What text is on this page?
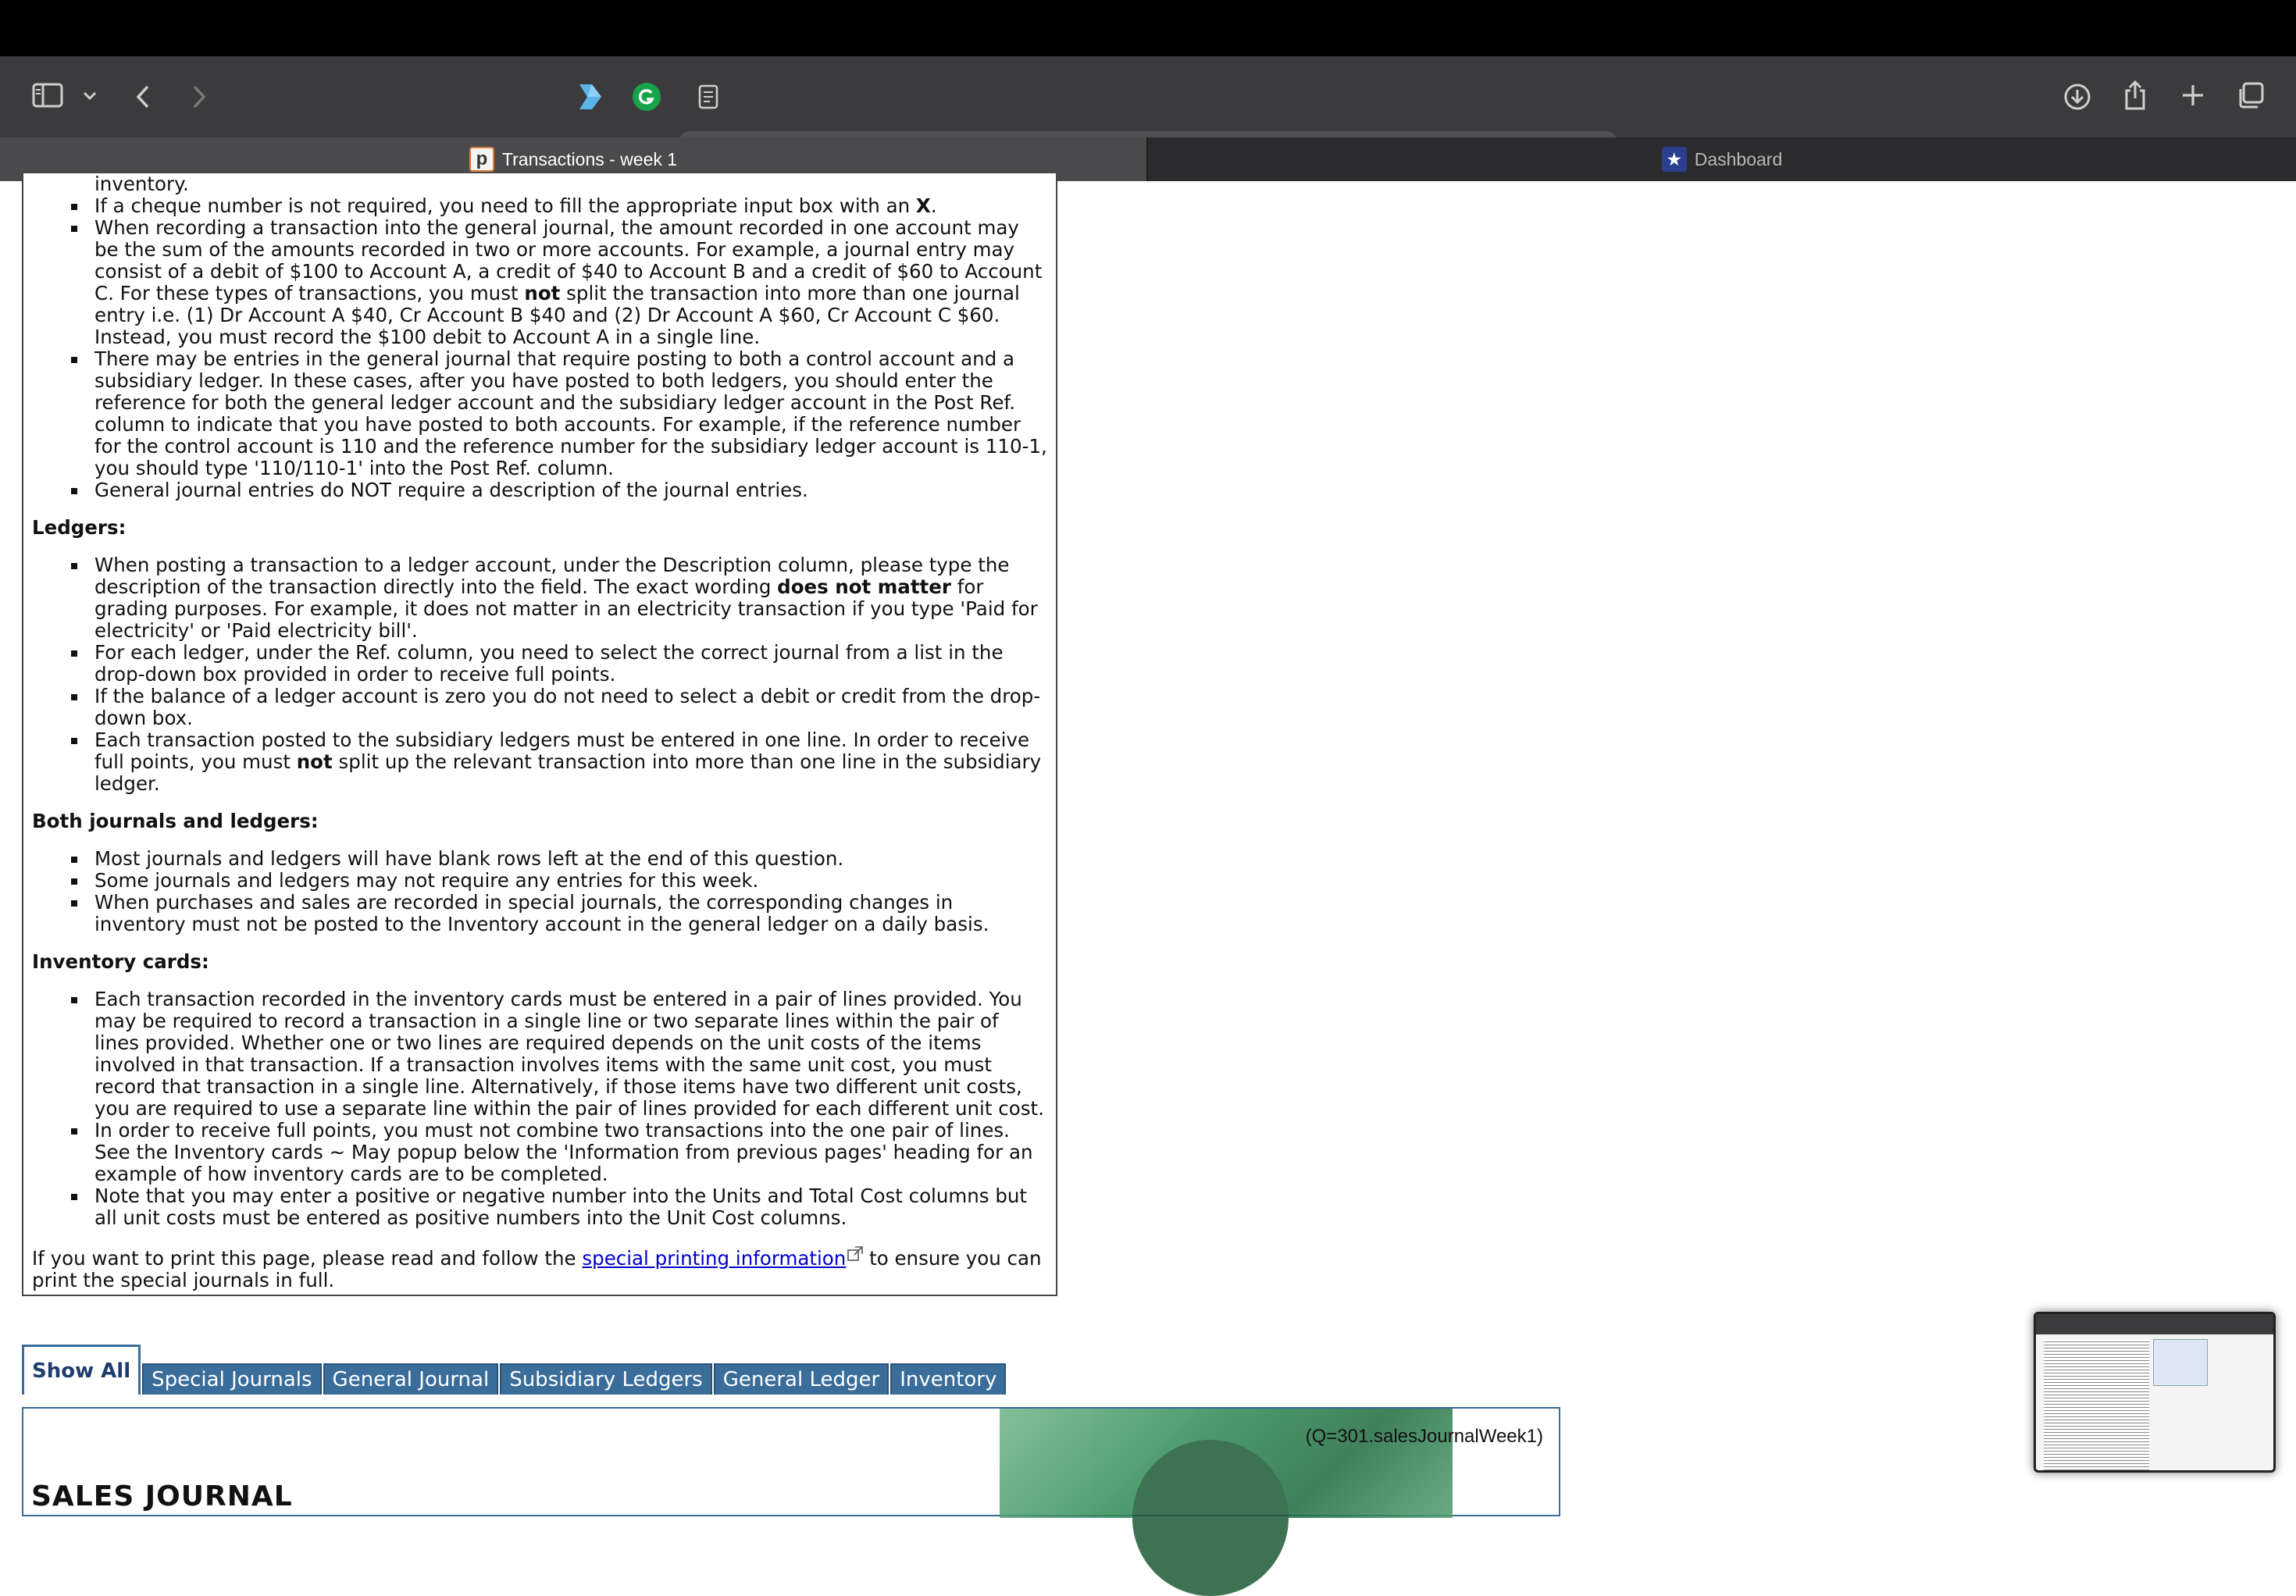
p Transactions - week 1	★ Dashboard
inventory.
If a cheque number is not required, you need to fill the appropriate input box with an X.
When recording a transaction into the general journal, the amount recorded in one account may be the sum of the amounts recorded in two or more accounts. For example, a journal entry may consist of a debit of $100 to Account A, a credit of $40 to Account B and a credit of $60 to Account C. For these types of transactions, you must not split the transaction into more than one journal entry i.e. (1) Dr Account A $40, Cr Account B $40 and (2) Dr Account A $60, Cr Account C $60. Instead, you must record the $100 debit to Account A in a single line.
There may be entries in the general journal that require posting to both a control account and a subsidiary ledger. In these cases, after you have posted to both ledgers, you should enter the reference for both the general ledger account and the subsidiary ledger account in the Post Ref. column to indicate that you have posted to both accounts. For example, if the reference number for the control account is 110 and the reference number for the subsidiary ledger account is 110-1, you should type '110/110-1' into the Post Ref. column.
General journal entries do NOT require a description of the journal entries.
Ledgers:
When posting a transaction to a ledger account, under the Description column, please type the description of the transaction directly into the field. The exact wording does not matter for grading purposes. For example, it does not matter in an electricity transaction if you type 'Paid for electricity' or 'Paid electricity bill'.
For each ledger, under the Ref. column, you need to select the correct journal from a list in the drop-down box provided in order to receive full points.
If the balance of a ledger account is zero you do not need to select a debit or credit from the drop-down box.
Each transaction posted to the subsidiary ledgers must be entered in one line. In order to receive full points, you must not split up the relevant transaction into more than one line in the subsidiary ledger.
Both journals and ledgers:
Most journals and ledgers will have blank rows left at the end of this question.
Some journals and ledgers may not require any entries for this week.
When purchases and sales are recorded in special journals, the corresponding changes in inventory must not be posted to the Inventory account in the general ledger on a daily basis.
Inventory cards:
Each transaction recorded in the inventory cards must be entered in a pair of lines provided. You may be required to record a transaction in a single line or two separate lines within the pair of lines provided. Whether one or two lines are required depends on the unit costs of the items involved in that transaction. If a transaction involves items with the same unit cost, you must record that transaction in a single line. Alternatively, if those items have two different unit costs, you are required to use a separate line within the pair of lines provided for each different unit cost.
In order to receive full points, you must not combine two transactions into the one pair of lines. See the Inventory cards ~ May popup below the 'Information from previous pages' heading for an example of how inventory cards are to be completed.
Note that you may enter a positive or negative number into the Units and Total Cost columns but all unit costs must be entered as positive numbers into the Unit Cost columns.

If you want to print this page, please read and follow the special printing information to ensure you can print the special journals in full.

Show All	Special Journals	General Journal	Subsidiary Ledgers	General Ledger	Inventory
(Q=301.salesJournalWeek1)
SALES JOURNAL
